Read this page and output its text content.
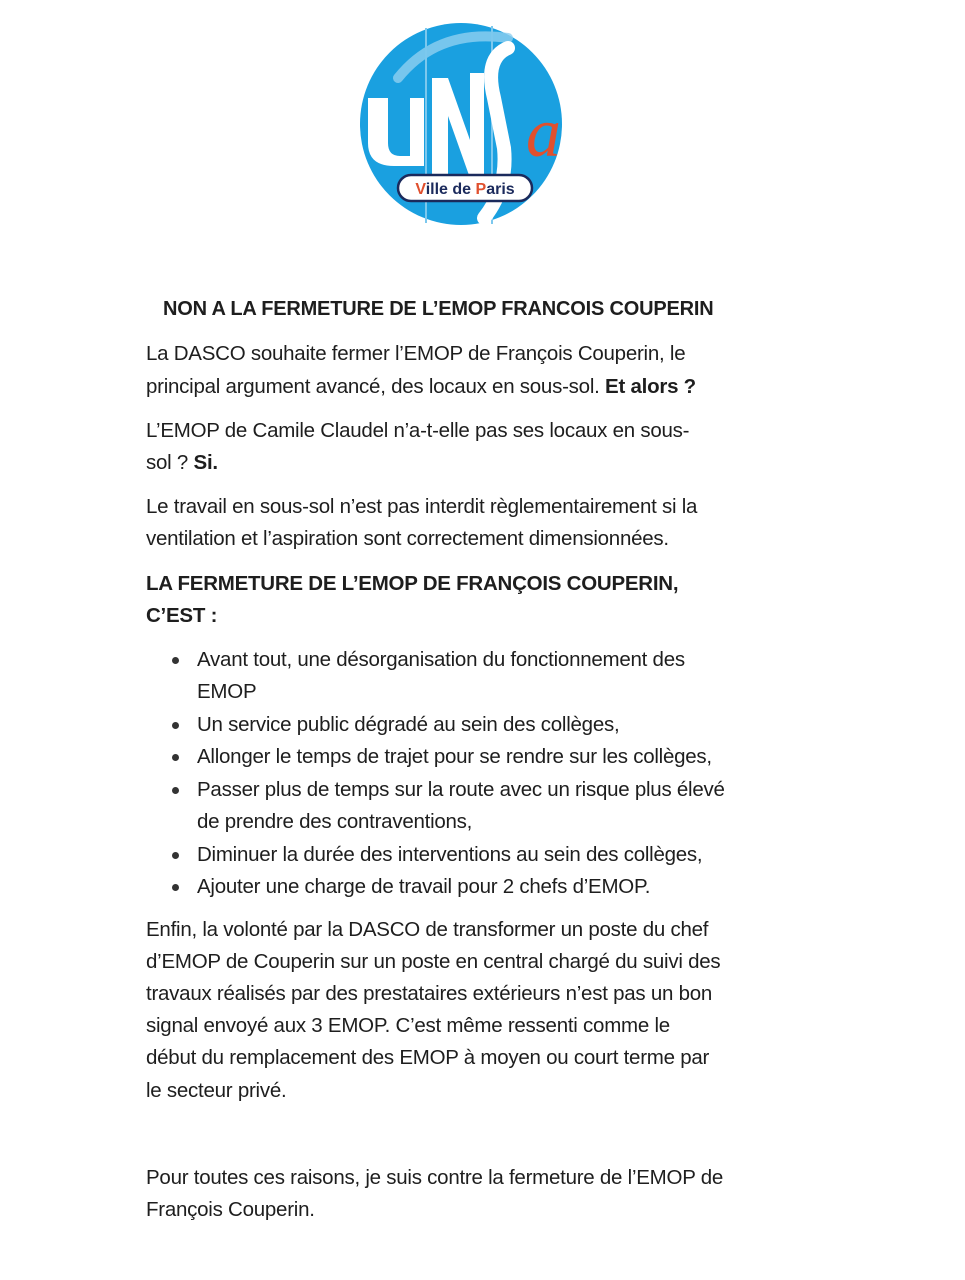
a
Ville de Paris
NON A LA FERMETURE DE L’EMOP FRANCOIS COUPERIN
La DASCO souhaite fermer l’EMOP de François Couperin, le
principal argument avancé, des locaux en sous-sol. Et alors ?
L’EMOP de Camile Claudel n’a-t-elle pas ses locaux en sous-
sol ? Si.
Le travail en sous-sol n’est pas interdit règlementairement si la
ventilation et l’aspiration sont correctement dimensionnées.
LA FERMETURE DE L’EMOP DE FRANÇOIS COUPERIN,
C’EST :
Avant tout, une désorganisation du fonctionnement des
EMOP
Un service public dégradé au sein des collèges,
Allonger le temps de trajet pour se rendre sur les collèges,
Passer plus de temps sur la route avec un risque plus élevé
de prendre des contraventions,
Diminuer la durée des interventions au sein des collèges,
Ajouter une charge de travail pour 2 chefs d’EMOP.
Enfin, la volonté par la DASCO de transformer un poste du chef
d’EMOP de Couperin sur un poste en central chargé du suivi des
travaux réalisés par des prestataires extérieurs n’est pas un bon
signal envoyé aux 3 EMOP. C’est même ressenti comme le
début du remplacement des EMOP à moyen ou court terme par
le secteur privé.
Pour toutes ces raisons, je suis contre la fermeture de l’EMOP de
François Couperin.
